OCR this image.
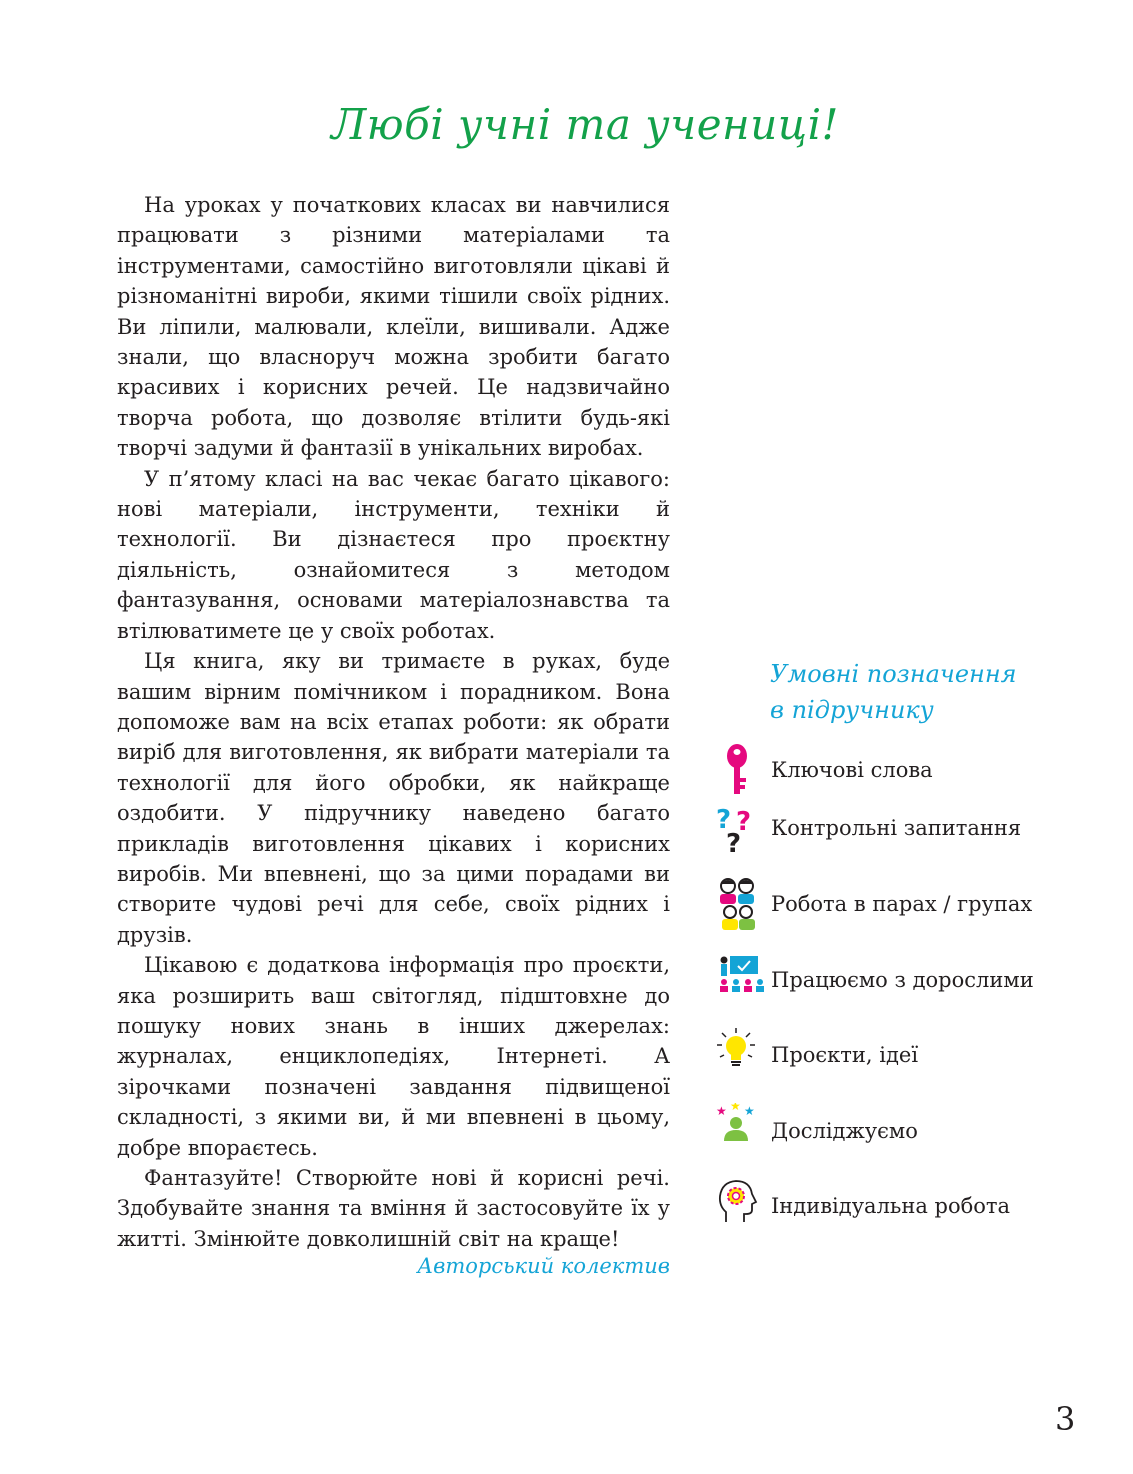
Любі учні та учениці!

На уроках у початкових класах ви навчилися працювати з різними матеріалами та інструментами, самостійно виготовляли цікаві й різноманітні вироби, якими тішили своїх рідних. Ви ліпили, малювали, клеїли, вишивали. Адже знали, що власноруч можна зробити багато красивих і корисних речей. Це надзвичайно творча робота, що дозволяє втілити будь-які творчі задуми й фантазії в унікальних виробах.

У п’ятому класі на вас чекає багато цікавого: нові матеріали, інструменти, техніки й технології. Ви дізнаєтеся про проєктну діяльність, ознайомитеся з методом фантазування, основами матеріалознавства та втілюватимете це у своїх роботах.

Ця книга, яку ви тримаєте в руках, буде вашим вірним помічником і порадником. Вона допоможе вам на всіх етапах роботи: як обрати виріб для виготовлення, як вибрати матеріали та технології для його обробки, як найкраще оздобити. У підручнику наведено багато прикладів виготовлення цікавих і корисних виробів. Ми впевнені, що за цими порадами ви створите чудові речі для себе, своїх рідних і друзів.

Цікавою є додаткова інформація про проєкти, яка розширить ваш світогляд, підштовхне до пошуку нових знань в інших джерелах: журналах, енциклопедіях, Інтернеті. А зірочками позначені завдання підвищеної складності, з якими ви, й ми впевнені в цьому, добре впораєтесь.

Фантазуйте! Створюйте нові й корисні речі. Здобувайте знання та вміння й застосовуйте їх у житті. Змінюйте довколишній світ на краще!

Авторський колектив
Умовні позначення
в підручнику
Ключові слова
? ?
?
Контрольні запитання
Робота в парах / групах
Працюємо з дорослими
Проєкти, ідеї
★ ★ ★
Досліджуємо
Індивідуальна робота
3
